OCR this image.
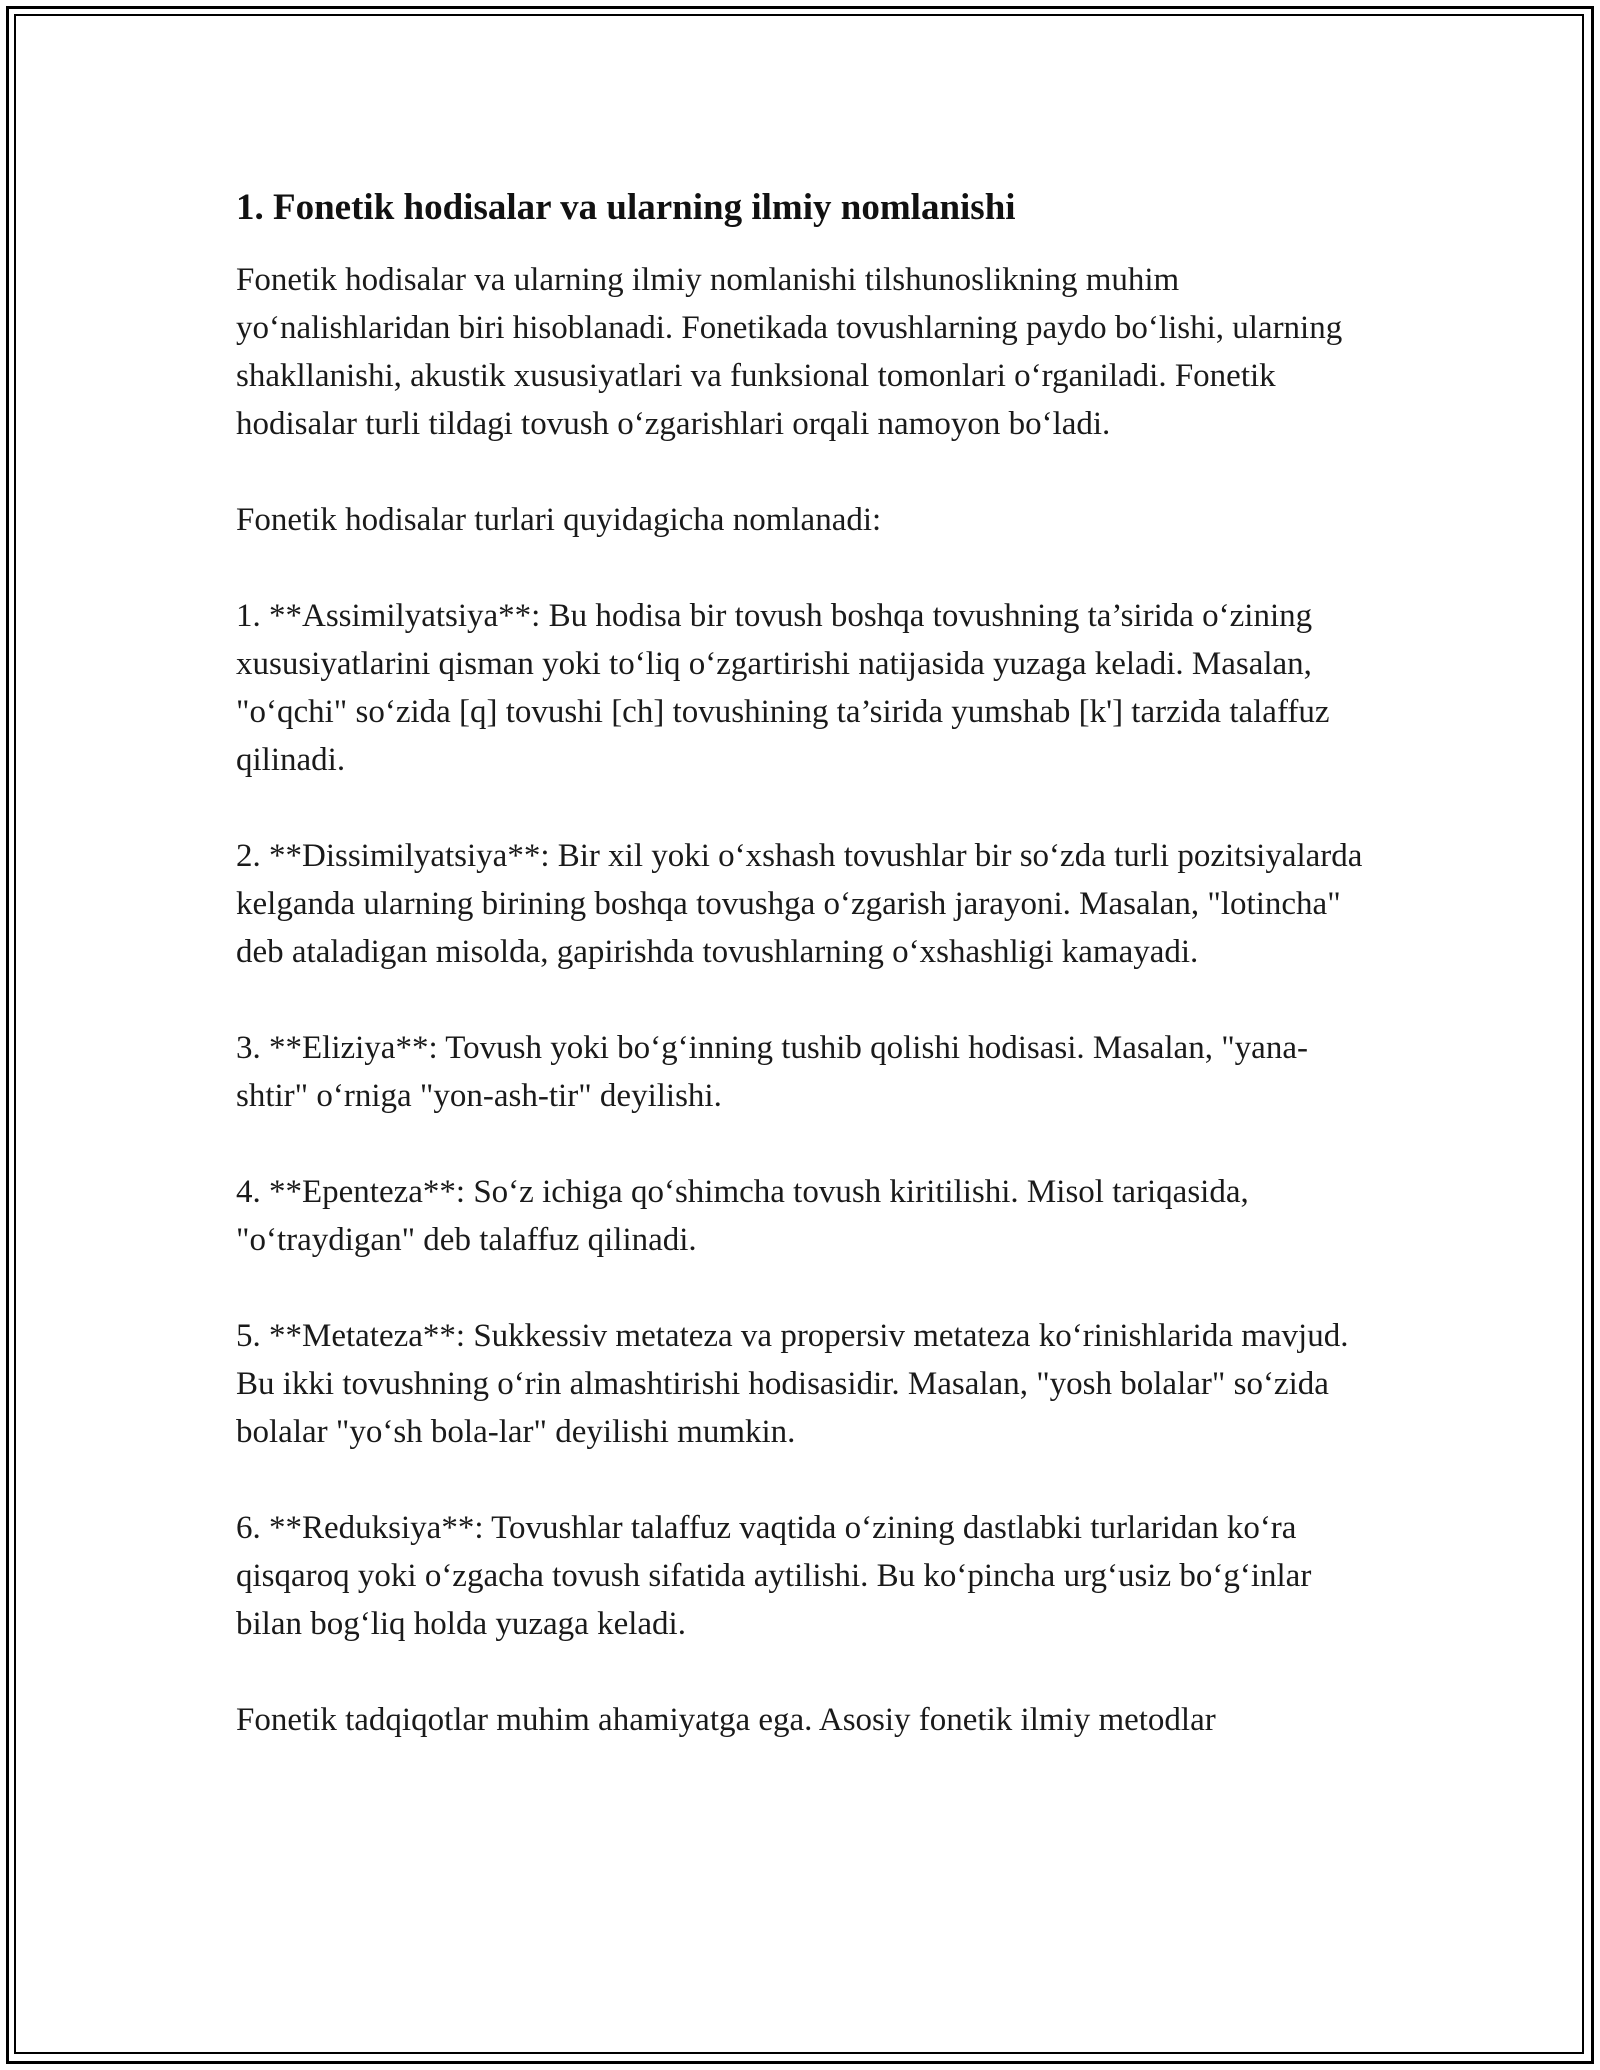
1. Fonetik hodisalar va ularning ilmiy nomlanishi

Fonetik hodisalar va ularning ilmiy nomlanishi tilshunoslikning muhim yo‘nalishlaridan biri hisoblanadi. Fonetikada tovushlarning paydo bo‘lishi, ularning shakllanishi, akustik xususiyatlari va funksional tomonlari o‘rganiladi. Fonetik hodisalar turli tildagi tovush o‘zgarishlari orqali namoyon bo‘ladi.

Fonetik hodisalar turlari quyidagicha nomlanadi:

1. **Assimilyatsiya**: Bu hodisa bir tovush boshqa tovushning ta’sirida o‘zining xususiyatlarini qisman yoki to‘liq o‘zgartirishi natijasida yuzaga keladi. Masalan, "o‘qchi" so‘zida [q] tovushi [ch] tovushining ta’sirida yumshab [k'] tarzida talaffuz qilinadi.

2. **Dissimilyatsiya**: Bir xil yoki o‘xshash tovushlar bir so‘zda turli pozitsiyalarda kelganda ularning birining boshqa tovushga o‘zgarish jarayoni. Masalan, "lotincha" deb ataladigan misolda, gapirishda tovushlarning o‘xshashligi kamayadi.

3. **Eliziya**: Tovush yoki bo‘g‘inning tushib qolishi hodisasi. Masalan, "yana-shtir" o‘rniga "yon-ash-tir" deyilishi.

4. **Epenteza**: So‘z ichiga qo‘shimcha tovush kiritilishi. Misol tariqasida, "o‘traydigan" deb talaffuz qilinadi.

5. **Metateza**: Sukkessiv metateza va propersiv metateza ko‘rinishlarida mavjud. Bu ikki tovushning o‘rin almashtirishi hodisasidir. Masalan, "yosh bolalar" so‘zida bolalar "yo‘sh bola-lar" deyilishi mumkin.

6. **Reduksiya**: Tovushlar talaffuz vaqtida o‘zining dastlabki turlaridan ko‘ra qisqaroq yoki o‘zgacha tovush sifatida aytilishi. Bu ko‘pincha urg‘usiz bo‘g‘inlar bilan bog‘liq holda yuzaga keladi.

Fonetik tadqiqotlar muhim ahamiyatga ega. Asosiy fonetik ilmiy metodlar
